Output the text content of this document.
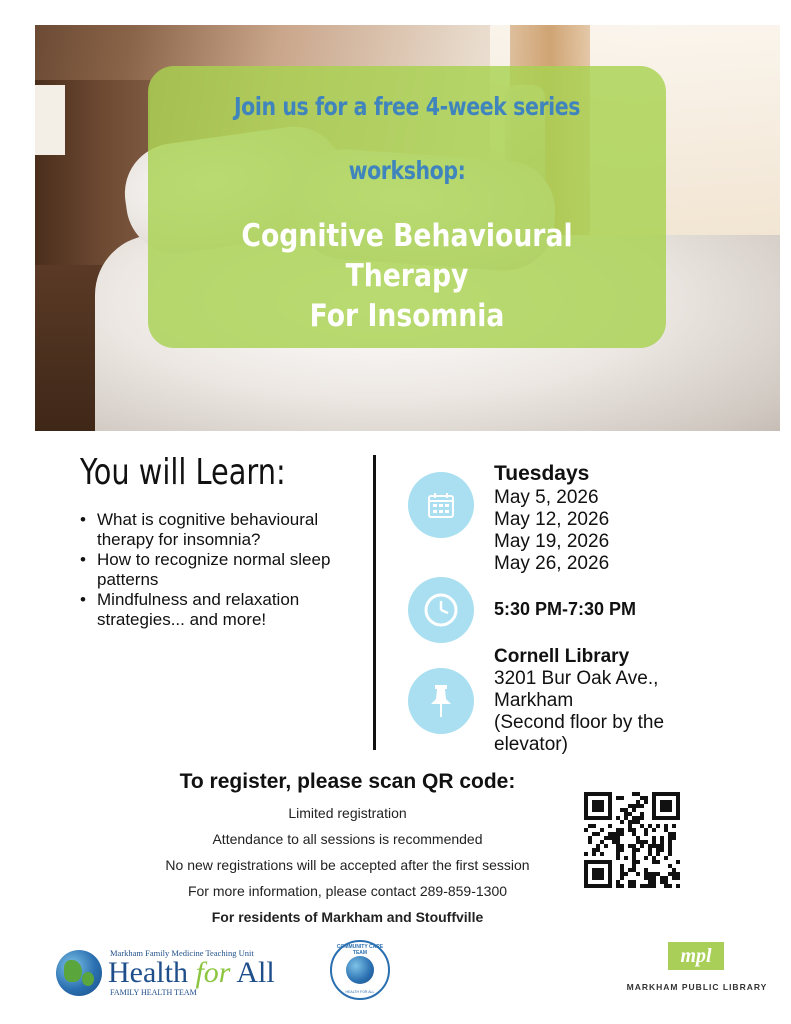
Join us for a free 4-week series
workshop:
Cognitive Behavioural Therapy
For Insomnia
You will Learn:
• What is cognitive behavioural therapy for insomnia?
• How to recognize normal sleep patterns
• Mindfulness and relaxation strategies... and more!
Tuesdays
May 5, 2026
May 12, 2026
May 19, 2026
May 26, 2026
5:30 PM-7:30 PM
Cornell Library
3201 Bur Oak Ave.,
Markham
(Second floor by the
elevator)
To register, please scan QR code:
Limited registration
Attendance to all sessions is recommended
No new registrations will be accepted after the first session
For more information, please contact 289-859-1300
For residents of Markham and Stouffville
Markham Family Medicine Teaching Unit
Health for All
FAMILY HEALTH TEAM
COMMUNITY CARE TEAM
HEALTH FOR ALL
mpl
MARKHAM PUBLIC LIBRARY
